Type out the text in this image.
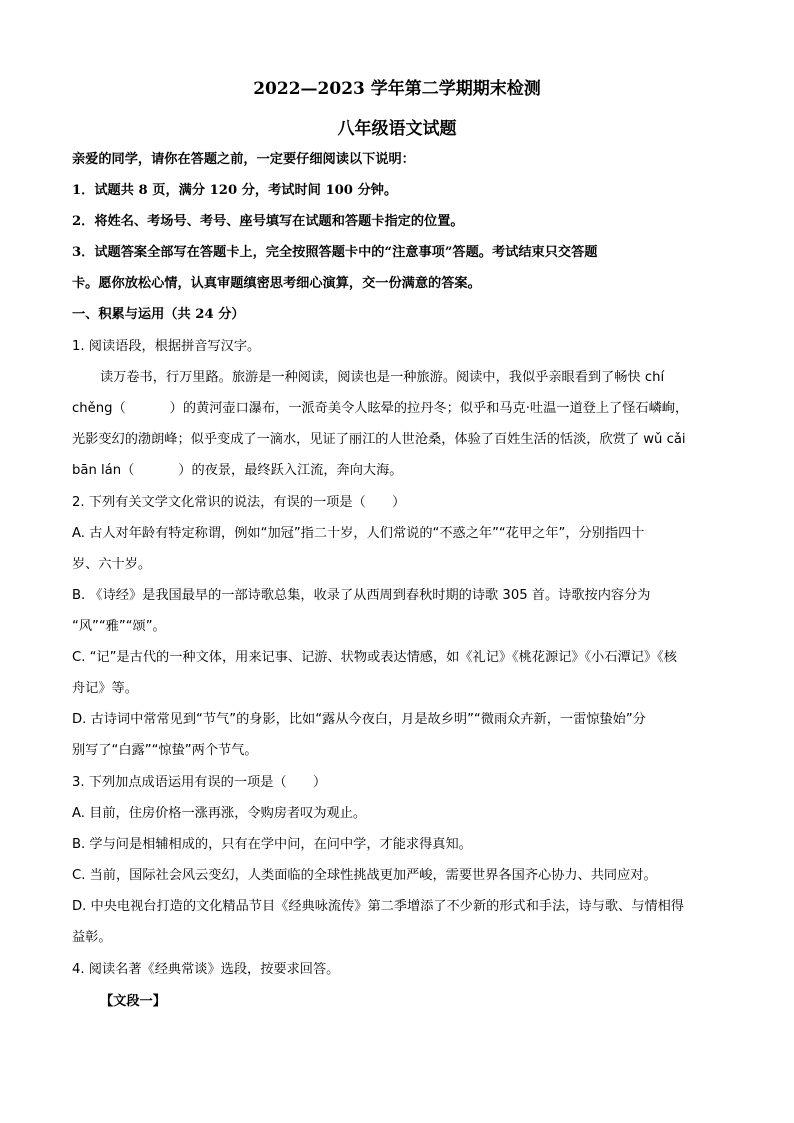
2022—2023 学年第二学期期末检测
八年级语文试题
亲爱的同学，请你在答题之前，一定要仔细阅读以下说明：
1．试题共 8 页，满分 120 分，考试时间 100 分钟。
2．将姓名、考场号、考号、座号填写在试题和答题卡指定的位置。
3．试题答案全部写在答题卡上，完全按照答题卡中的“注意事项”答题。考试结束只交答题
卡。愿你放松心情，认真审题缜密思考细心演算，交一份满意的答案。
一、积累与运用（共 24 分）
1. 阅读语段，根据拼音写汉字。
读万卷书，行万里路。旅游是一种阅读，阅读也是一种旅游。阅读中，我似乎亲眼看到了畅快 chí
chěng（	）的黄河壶口瀑布，一派奇美令人眩晕的拉丹冬；似乎和马克·吐温一道登上了怪石嶙峋，
光影变幻的渤朗峰；似乎变成了一滴水，见证了丽江的人世沧桑，体验了百姓生活的恬淡，欣赏了 wǔ cǎi
bān lán（	）的夜景，最终跃入江流，奔向大海。
2. 下列有关文学文化常识的说法，有误的一项是（　　）
A. 古人对年龄有特定称谓，例如“加冠”指二十岁，人们常说的“不惑之年”“花甲之年”，分别指四十
岁、六十岁。
B. 《诗经》是我国最早的一部诗歌总集，收录了从西周到春秋时期的诗歌 305 首。诗歌按内容分为
“风”“雅”“颂”。
C. “记”是古代的一种文体，用来记事、记游、状物或表达情感，如《礼记》《桃花源记》《小石潭记》《核
舟记》等。
D. 古诗词中常常见到“节气”的身影，比如“露从今夜白，月是故乡明”“微雨众卉新，一雷惊蛰始”分
别写了“白露”“惊蛰”两个节气。
3. 下列加点成语运用有误的一项是（　　）
A. 目前，住房价格一涨再涨，令购房者叹为观止。
B. 学与问是相辅相成的，只有在学中问，在问中学，才能求得真知。
C. 当前，国际社会风云变幻，人类面临的全球性挑战更加严峻，需要世界各国齐心协力、共同应对。
D. 中央电视台打造的文化精品节目《经典咏流传》第二季增添了不少新的形式和手法，诗与歌、与情相得
益彰。
4. 阅读名著《经典常谈》选段，按要求回答。
【文段一】
